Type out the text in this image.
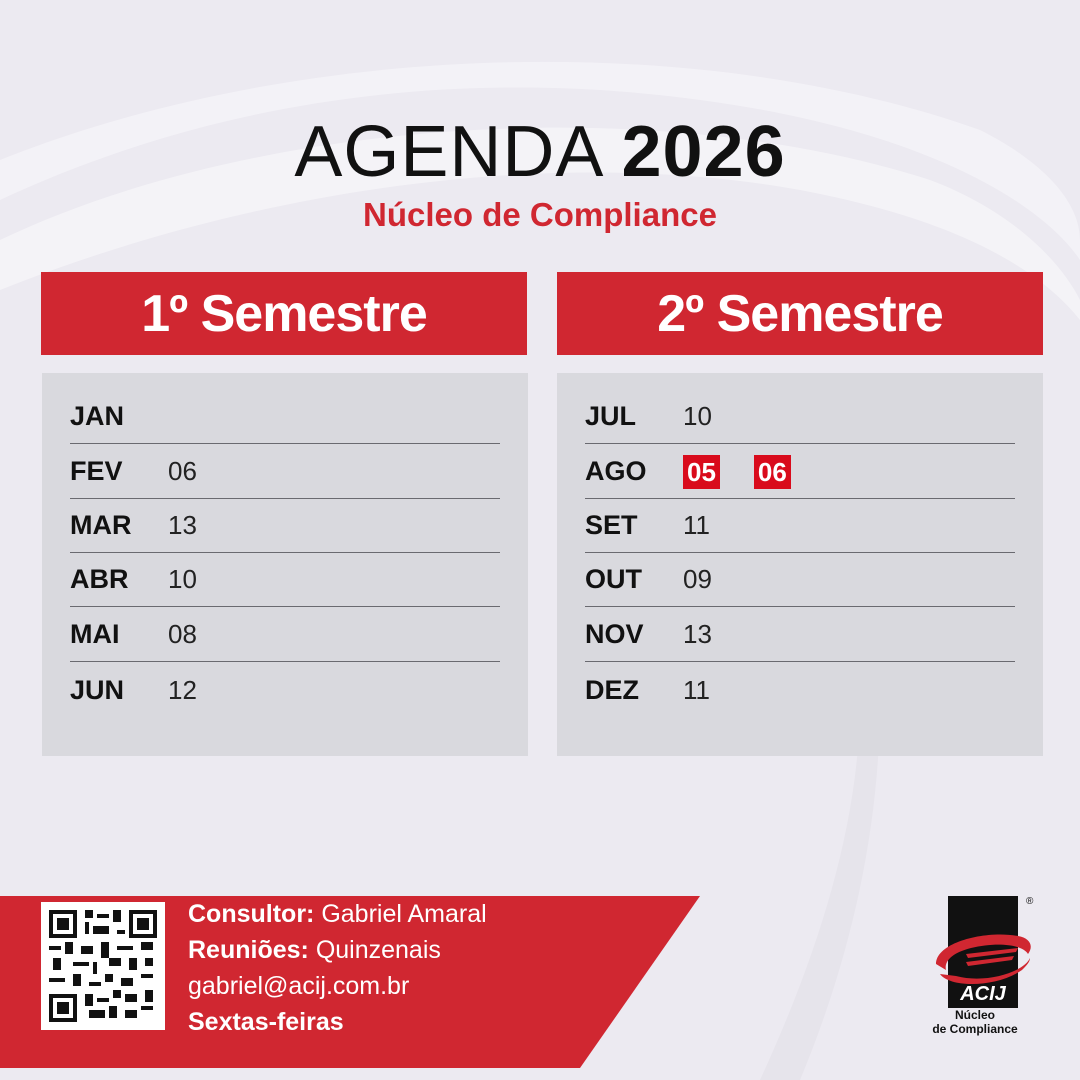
AGENDA 2026
Núcleo de Compliance
1º Semestre	2º Semestre
JAN
FEV	06
MAR	13
ABR	10
MAI	08
JUN	12
JUL	10
AGO	05 06
SET	11
OUT	09
NOV	13
DEZ	11
Consultor: Gabriel Amaral
Reuniões: Quinzenais
gabriel@acij.com.br
Sextas-feiras
ACIJ
®
Núcleo
de Compliance
